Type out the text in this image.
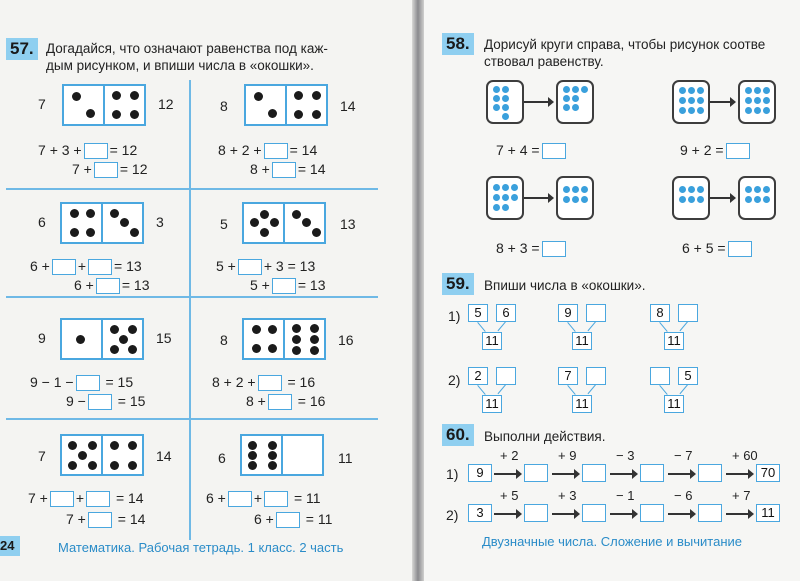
57. Догадайся, что означают равенства под каж-
дым рисунком, и впиши числа в «окошки».
7	12
7 + 3 + = 12
7 + = 12
8	14
8 + 2 + = 14
8 + = 14
6	3
6 + + = 13
6 + = 13
5	13
5 + + 3 = 13
5 + = 13
9	15
9 − 1 − = 15
9 − = 15
8	16
8 + 2 + = 16
8 + = 16
7	14
7 + + = 14
7 + = 14
6	11
6 + + = 11
6 + = 11
24	Математика. Рабочая тетрадь. 1 класс. 2 часть
58. Дорисуй круги справа, чтобы рисунок соотве
ствовал равенству.
7 + 4 =	9 + 2 =
8 + 3 =	6 + 5 =
59. Впиши числа в «окошки».
1)
2)
5	6
11
9
11
8
11
2
11
7
11
5
11
60. Выполни действия.
1)
2)
9
+ 2	+ 9	− 3	− 7	+ 60
70
3
+ 5	+ 3	− 1	− 6	+ 7
11
Двузначные числа. Сложение и вычитание
